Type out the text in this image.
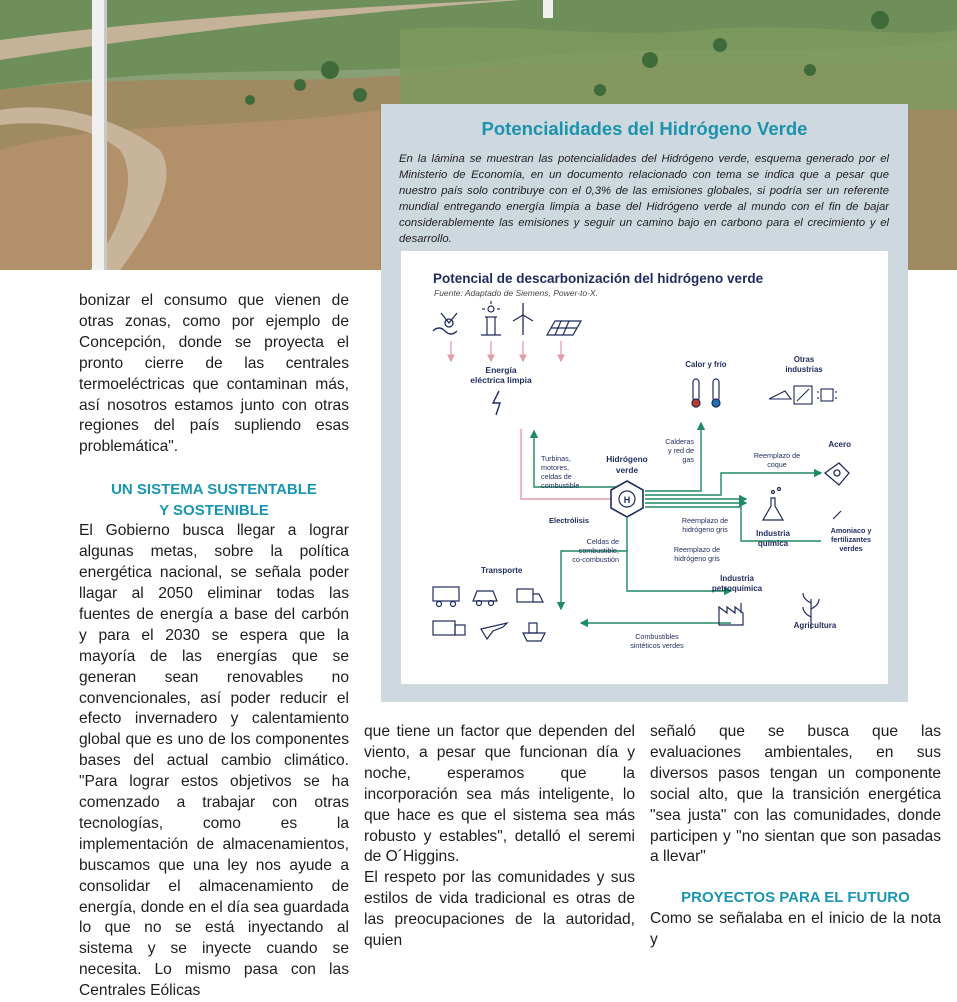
bonizar el consumo que vienen de otras zonas, como por ejemplo de Concepción, donde se proyecta el pronto cierre de las centrales termoeléctricas que contaminan más, así nosotros estamos junto con otras regiones del país supliendo esas problemática".

UN SISTEMA SUSTENTABLE

Y SOSTENIBLE

El Gobierno busca llegar a lograr algunas metas, sobre la política energética nacional, se señala poder llagar al 2050 eliminar todas las fuentes de energía a base del carbón y para el 2030 se espera que la mayoría de las energías que se generan sean renovables no convencionales, así poder reducir el efecto invernadero y calentamiento global que es uno de los componentes bases del actual cambio climático. "Para lograr estos objetivos se ha comenzado a trabajar con otras tecnologías, como es la implementación de almacenamientos, buscamos que una ley nos ayude a consolidar el almacenamiento de energía, donde en el día sea guardada lo que no se está inyectando al sistema y se inyecte cuando se necesita. Lo mismo pasa con las Centrales Eólicas

que tiene un factor que dependen del viento, a pesar que funcionan día y noche, esperamos que la incorporación sea más inteligente, lo que hace es que el sistema sea más robusto y estables", detalló el seremi de O´Higgins.

El respeto por las comunidades y sus estilos de vida tradicional es otras de las preocupaciones de la autoridad, quien

señaló que se busca que las evaluaciones ambientales, en sus diversos pasos tengan un componente social alto, que la transición energética "sea justa" con las comunidades, donde participen y "no sientan que son pasadas a llevar"

PROYECTOS PARA EL FUTURO

Como se señalaba en el inicio de la nota y

Potencialidades del Hidrógeno Verde
En la lámina se muestran las potencialidades del Hidrógeno verde, esquema generado por el Ministerio de Economía, en un documento relacionado con tema se indica que a pesar que nuestro país solo contribuye con el 0,3% de las emisiones globales, si podría ser un referente mundial entregando energía limpia a base del Hidrógeno verde al mundo con el fin de bajar considerablemente las emisiones y seguir un camino bajo en carbono para el crecimiento y el desarrollo.
Potencial de descarbonización del hidrógeno verde
Fuente: Adaptado de Siemens, Power-to-X.
Energía
eléctrica limpia
Turbinas,
motores,
celdas de
combustible
Electrólisis
Hidrógeno
verde
H
Calor y frío
Otras
industrias
Calderas
y red de
gas
Acero
Reemplazo de
coque
Reemplazo de
hidrógeno gris	Industria
química
Amoniaco y
fertilizantes
verdes
Celdas de
combustible,
co-combustión
Reemplazo de
hidrógeno gris
Transporte
Industria
petroquímica
Agricultura
Combustibles
sintéticos verdes
